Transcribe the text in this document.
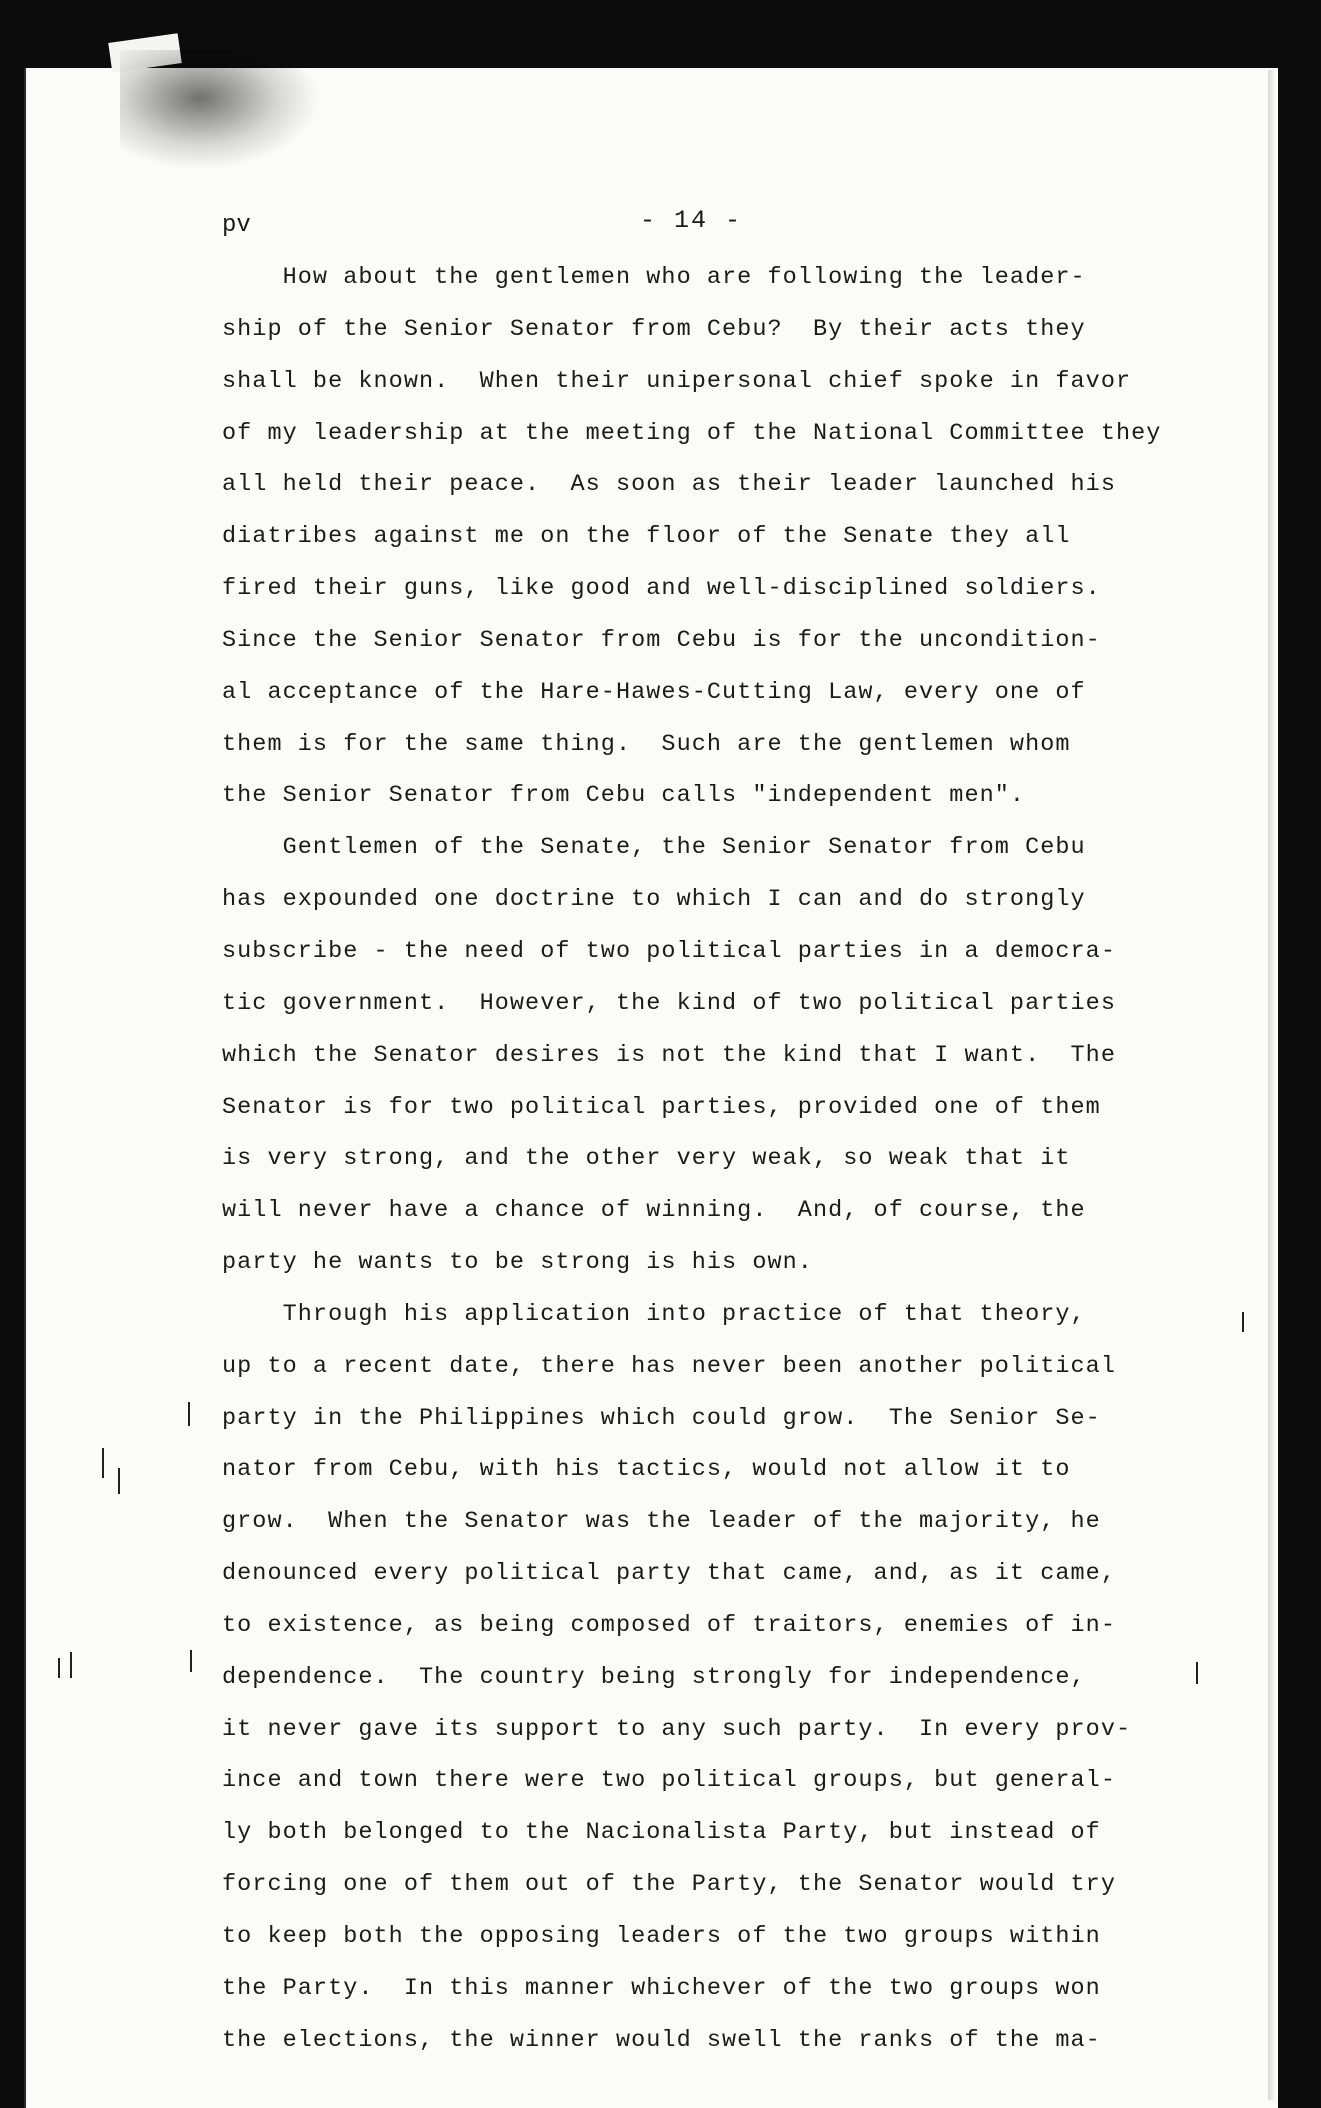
pv	- 14 -
How about the gentlemen who are following the leader-
ship of the Senior Senator from Cebu?  By their acts they
shall be known.  When their unipersonal chief spoke in favor
of my leadership at the meeting of the National Committee they
all held their peace.  As soon as their leader launched his
diatribes against me on the floor of the Senate they all
fired their guns, like good and well-disciplined soldiers.
Since the Senior Senator from Cebu is for the uncondition-
al acceptance of the Hare-Hawes-Cutting Law, every one of
them is for the same thing.  Such are the gentlemen whom
the Senior Senator from Cebu calls "independent men".
Gentlemen of the Senate, the Senior Senator from Cebu
has expounded one doctrine to which I can and do strongly
subscribe - the need of two political parties in a democra-
tic government.  However, the kind of two political parties
which the Senator desires is not the kind that I want.  The
Senator is for two political parties, provided one of them
is very strong, and the other very weak, so weak that it
will never have a chance of winning.  And, of course, the
party he wants to be strong is his own.
Through his application into practice of that theory,
up to a recent date, there has never been another political
party in the Philippines which could grow.  The Senior Se-
nator from Cebu, with his tactics, would not allow it to
grow.  When the Senator was the leader of the majority, he
denounced every political party that came, and, as it came,
to existence, as being composed of traitors, enemies of in-
dependence.  The country being strongly for independence,
it never gave its support to any such party.  In every prov-
ince and town there were two political groups, but general-
ly both belonged to the Nacionalista Party, but instead of
forcing one of them out of the Party, the Senator would try
to keep both the opposing leaders of the two groups within
the Party.  In this manner whichever of the two groups won
the elections, the winner would swell the ranks of the ma-
